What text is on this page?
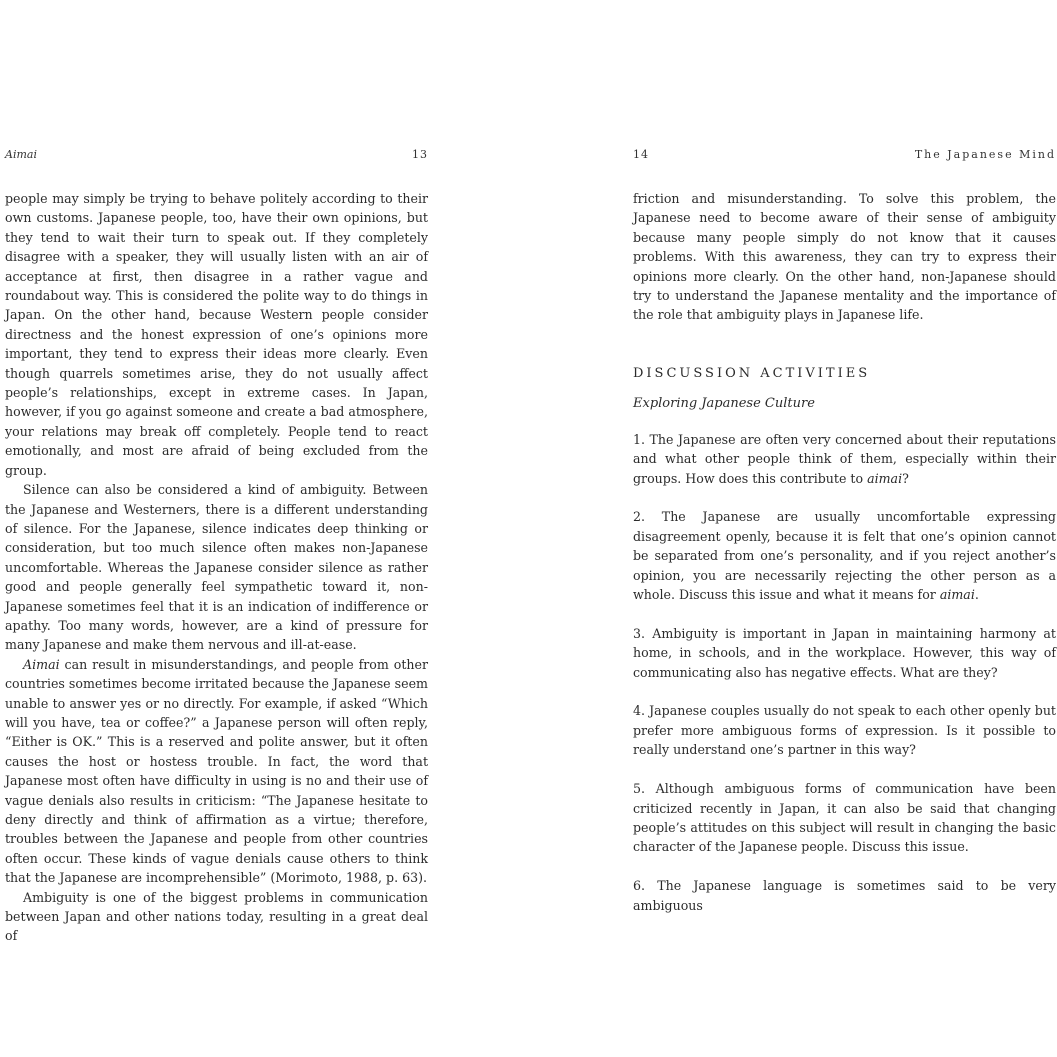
Aimai	13

people may simply be trying to behave politely according to their own customs. Japanese people, too, have their own opinions, but they tend to wait their turn to speak out. If they completely disagree with a speaker, they will usually listen with an air of acceptance at first, then disagree in a rather vague and roundabout way. This is considered the polite way to do things in Japan. On the other hand, because Western people consider directness and the honest expression of one’s opinions more important, they tend to express their ideas more clearly. Even though quarrels sometimes arise, they do not usually affect people’s relationships, except in extreme cases. In Japan, however, if you go against someone and create a bad atmosphere, your relations may break off completely. People tend to react emotionally, and most are afraid of being excluded from the group.

Silence can also be considered a kind of ambiguity. Between the Japanese and Westerners, there is a different understanding of silence. For the Japanese, silence indicates deep thinking or consideration, but too much silence often makes non-Japanese uncomfortable. Whereas the Japanese consider silence as rather good and people generally feel sympathetic toward it, non-Japanese sometimes feel that it is an indication of indifference or apathy. Too many words, however, are a kind of pressure for many Japanese and make them nervous and ill-at-ease.

Aimai can result in misunderstandings, and people from other countries sometimes become irritated because the Japanese seem unable to answer yes or no directly. For example, if asked “Which will you have, tea or coffee?” a Japanese person will often reply, “Either is OK.” This is a reserved and polite answer, but it often causes the host or hostess trouble. In fact, the word that Japanese most often have difficulty in using is no and their use of vague denials also results in criticism: “The Japanese hesitate to deny directly and think of affirmation as a virtue; therefore, troubles between the Japanese and people from other countries often occur. These kinds of vague denials cause others to think that the Japanese are incomprehensible” (Morimoto, 1988, p. 63).

Ambiguity is one of the biggest problems in communication between Japan and other nations today, resulting in a great deal of

14	The Japanese Mind

friction and misunderstanding. To solve this problem, the Japanese need to become aware of their sense of ambiguity because many people simply do not know that it causes problems. With this awareness, they can try to express their opinions more clearly. On the other hand, non-Japanese should try to understand the Japanese mentality and the importance of the role that ambiguity plays in Japanese life.

DISCUSSION ACTIVITIES
Exploring Japanese Culture

1. The Japanese are often very concerned about their reputations and what other people think of them, especially within their groups. How does this contribute to aimai?

2. The Japanese are usually uncomfortable expressing disagreement openly, because it is felt that one’s opinion cannot be separated from one’s personality, and if you reject another’s opinion, you are necessarily rejecting the other person as a whole. Discuss this issue and what it means for aimai.

3. Ambiguity is important in Japan in maintaining harmony at home, in schools, and in the workplace. However, this way of communicating also has negative effects. What are they?

4. Japanese couples usually do not speak to each other openly but prefer more ambiguous forms of expression. Is it possible to really understand one’s partner in this way?

5. Although ambiguous forms of communication have been criticized recently in Japan, it can also be said that changing people’s attitudes on this subject will result in changing the basic character of the Japanese people. Discuss this issue.

6. The Japanese language is sometimes said to be very ambiguous
